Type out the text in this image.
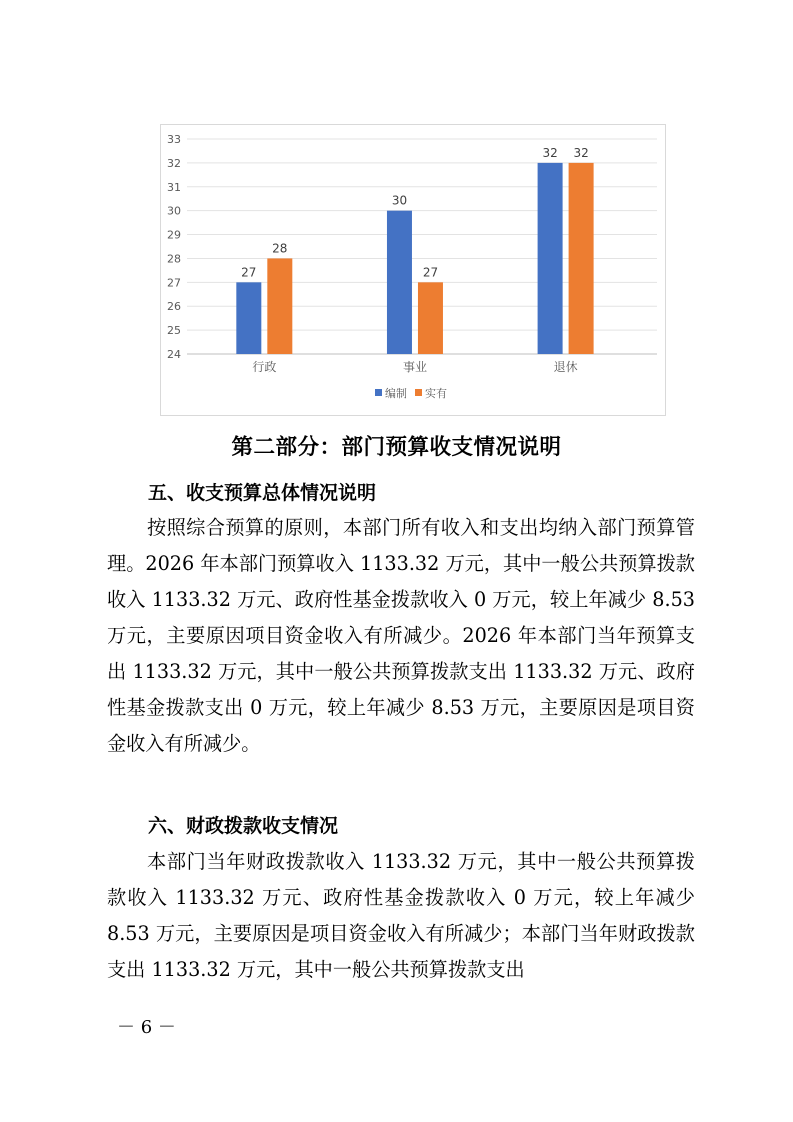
24
25
26
27
28
29
30
31
32
33
27
28
行政
30
27
事业
32 32
退休
编制 实有
第二部分：部门预算收支情况说明
五、收支预算总体情况说明

按照综合预算的原则，本部门所有收入和支出均纳入部门预算管理。2026 年本部门预算收入 1133.32 万元，其中一般公共预算拨款收入 1133.32 万元、政府性基金拨款收入 0 万元，较上年减少 8.53 万元，主要原因项目资金收入有所减少。2026 年本部门当年预算支出 1133.32 万元，其中一般公共预算拨款支出 1133.32 万元、政府性基金拨款支出 0 万元，较上年减少 8.53 万元，主要原因是项目资金收入有所减少。

六、财政拨款收支情况

本部门当年财政拨款收入 1133.32 万元，其中一般公共预算拨款收入 1133.32 万元、政府性基金拨款收入 0 万元，较上年减少 8.53 万元，主要原因是项目资金收入有所减少；本部门当年财政拨款支出 1133.32 万元，其中一般公共预算拨款支出

－ 6 －
